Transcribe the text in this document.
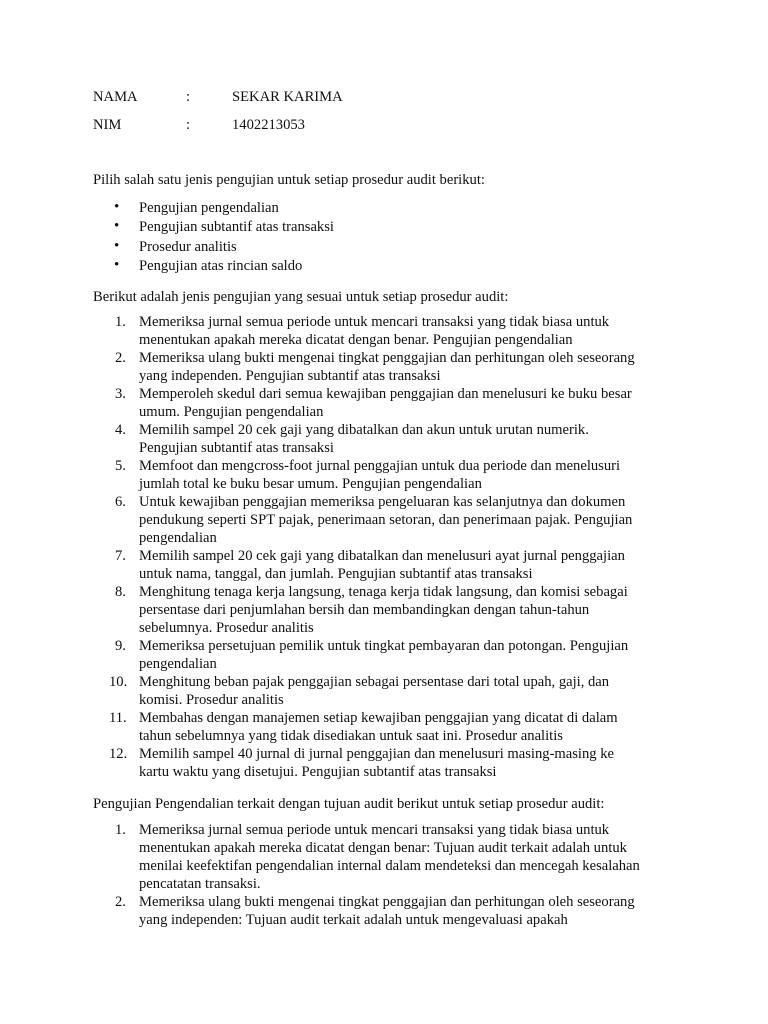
NAMA	:	SEKAR KARIMA
NIM	:	1402213053
Pilih salah satu jenis pengujian untuk setiap prosedur audit berikut:
• Pengujian pengendalian
• Pengujian subtantif atas transaksi
• Prosedur analitis
• Pengujian atas rincian saldo
Berikut adalah jenis pengujian yang sesuai untuk setiap prosedur audit:
1. Memeriksa jurnal semua periode untuk mencari transaksi yang tidak biasa untuk
menentukan apakah mereka dicatat dengan benar. Pengujian pengendalian
2. Memeriksa ulang bukti mengenai tingkat penggajian dan perhitungan oleh seseorang
yang independen. Pengujian subtantif atas transaksi
3. Memperoleh skedul dari semua kewajiban penggajian dan menelusuri ke buku besar
umum. Pengujian pengendalian
4. Memilih sampel 20 cek gaji yang dibatalkan dan akun untuk urutan numerik.
Pengujian subtantif atas transaksi
5. Memfoot dan mengcross-foot jurnal penggajian untuk dua periode dan menelusuri
jumlah total ke buku besar umum. Pengujian pengendalian
6. Untuk kewajiban penggajian memeriksa pengeluaran kas selanjutnya dan dokumen
pendukung seperti SPT pajak, penerimaan setoran, dan penerimaan pajak. Pengujian
pengendalian
7. Memilih sampel 20 cek gaji yang dibatalkan dan menelusuri ayat jurnal penggajian
untuk nama, tanggal, dan jumlah. Pengujian subtantif atas transaksi
8. Menghitung tenaga kerja langsung, tenaga kerja tidak langsung, dan komisi sebagai
persentase dari penjumlahan bersih dan membandingkan dengan tahun-tahun
sebelumnya. Prosedur analitis
9. Memeriksa persetujuan pemilik untuk tingkat pembayaran dan potongan. Pengujian
pengendalian
10. Menghitung beban pajak penggajian sebagai persentase dari total upah, gaji, dan
komisi. Prosedur analitis
11. Membahas dengan manajemen setiap kewajiban penggajian yang dicatat di dalam
tahun sebelumnya yang tidak disediakan untuk saat ini. Prosedur analitis
12. Memilih sampel 40 jurnal di jurnal penggajian dan menelusuri masing-masing ke
kartu waktu yang disetujui. Pengujian subtantif atas transaksi
Pengujian Pengendalian terkait dengan tujuan audit berikut untuk setiap prosedur audit:
1. Memeriksa jurnal semua periode untuk mencari transaksi yang tidak biasa untuk
menentukan apakah mereka dicatat dengan benar: Tujuan audit terkait adalah untuk
menilai keefektifan pengendalian internal dalam mendeteksi dan mencegah kesalahan
pencatatan transaksi.
2. Memeriksa ulang bukti mengenai tingkat penggajian dan perhitungan oleh seseorang
yang independen: Tujuan audit terkait adalah untuk mengevaluasi apakah
